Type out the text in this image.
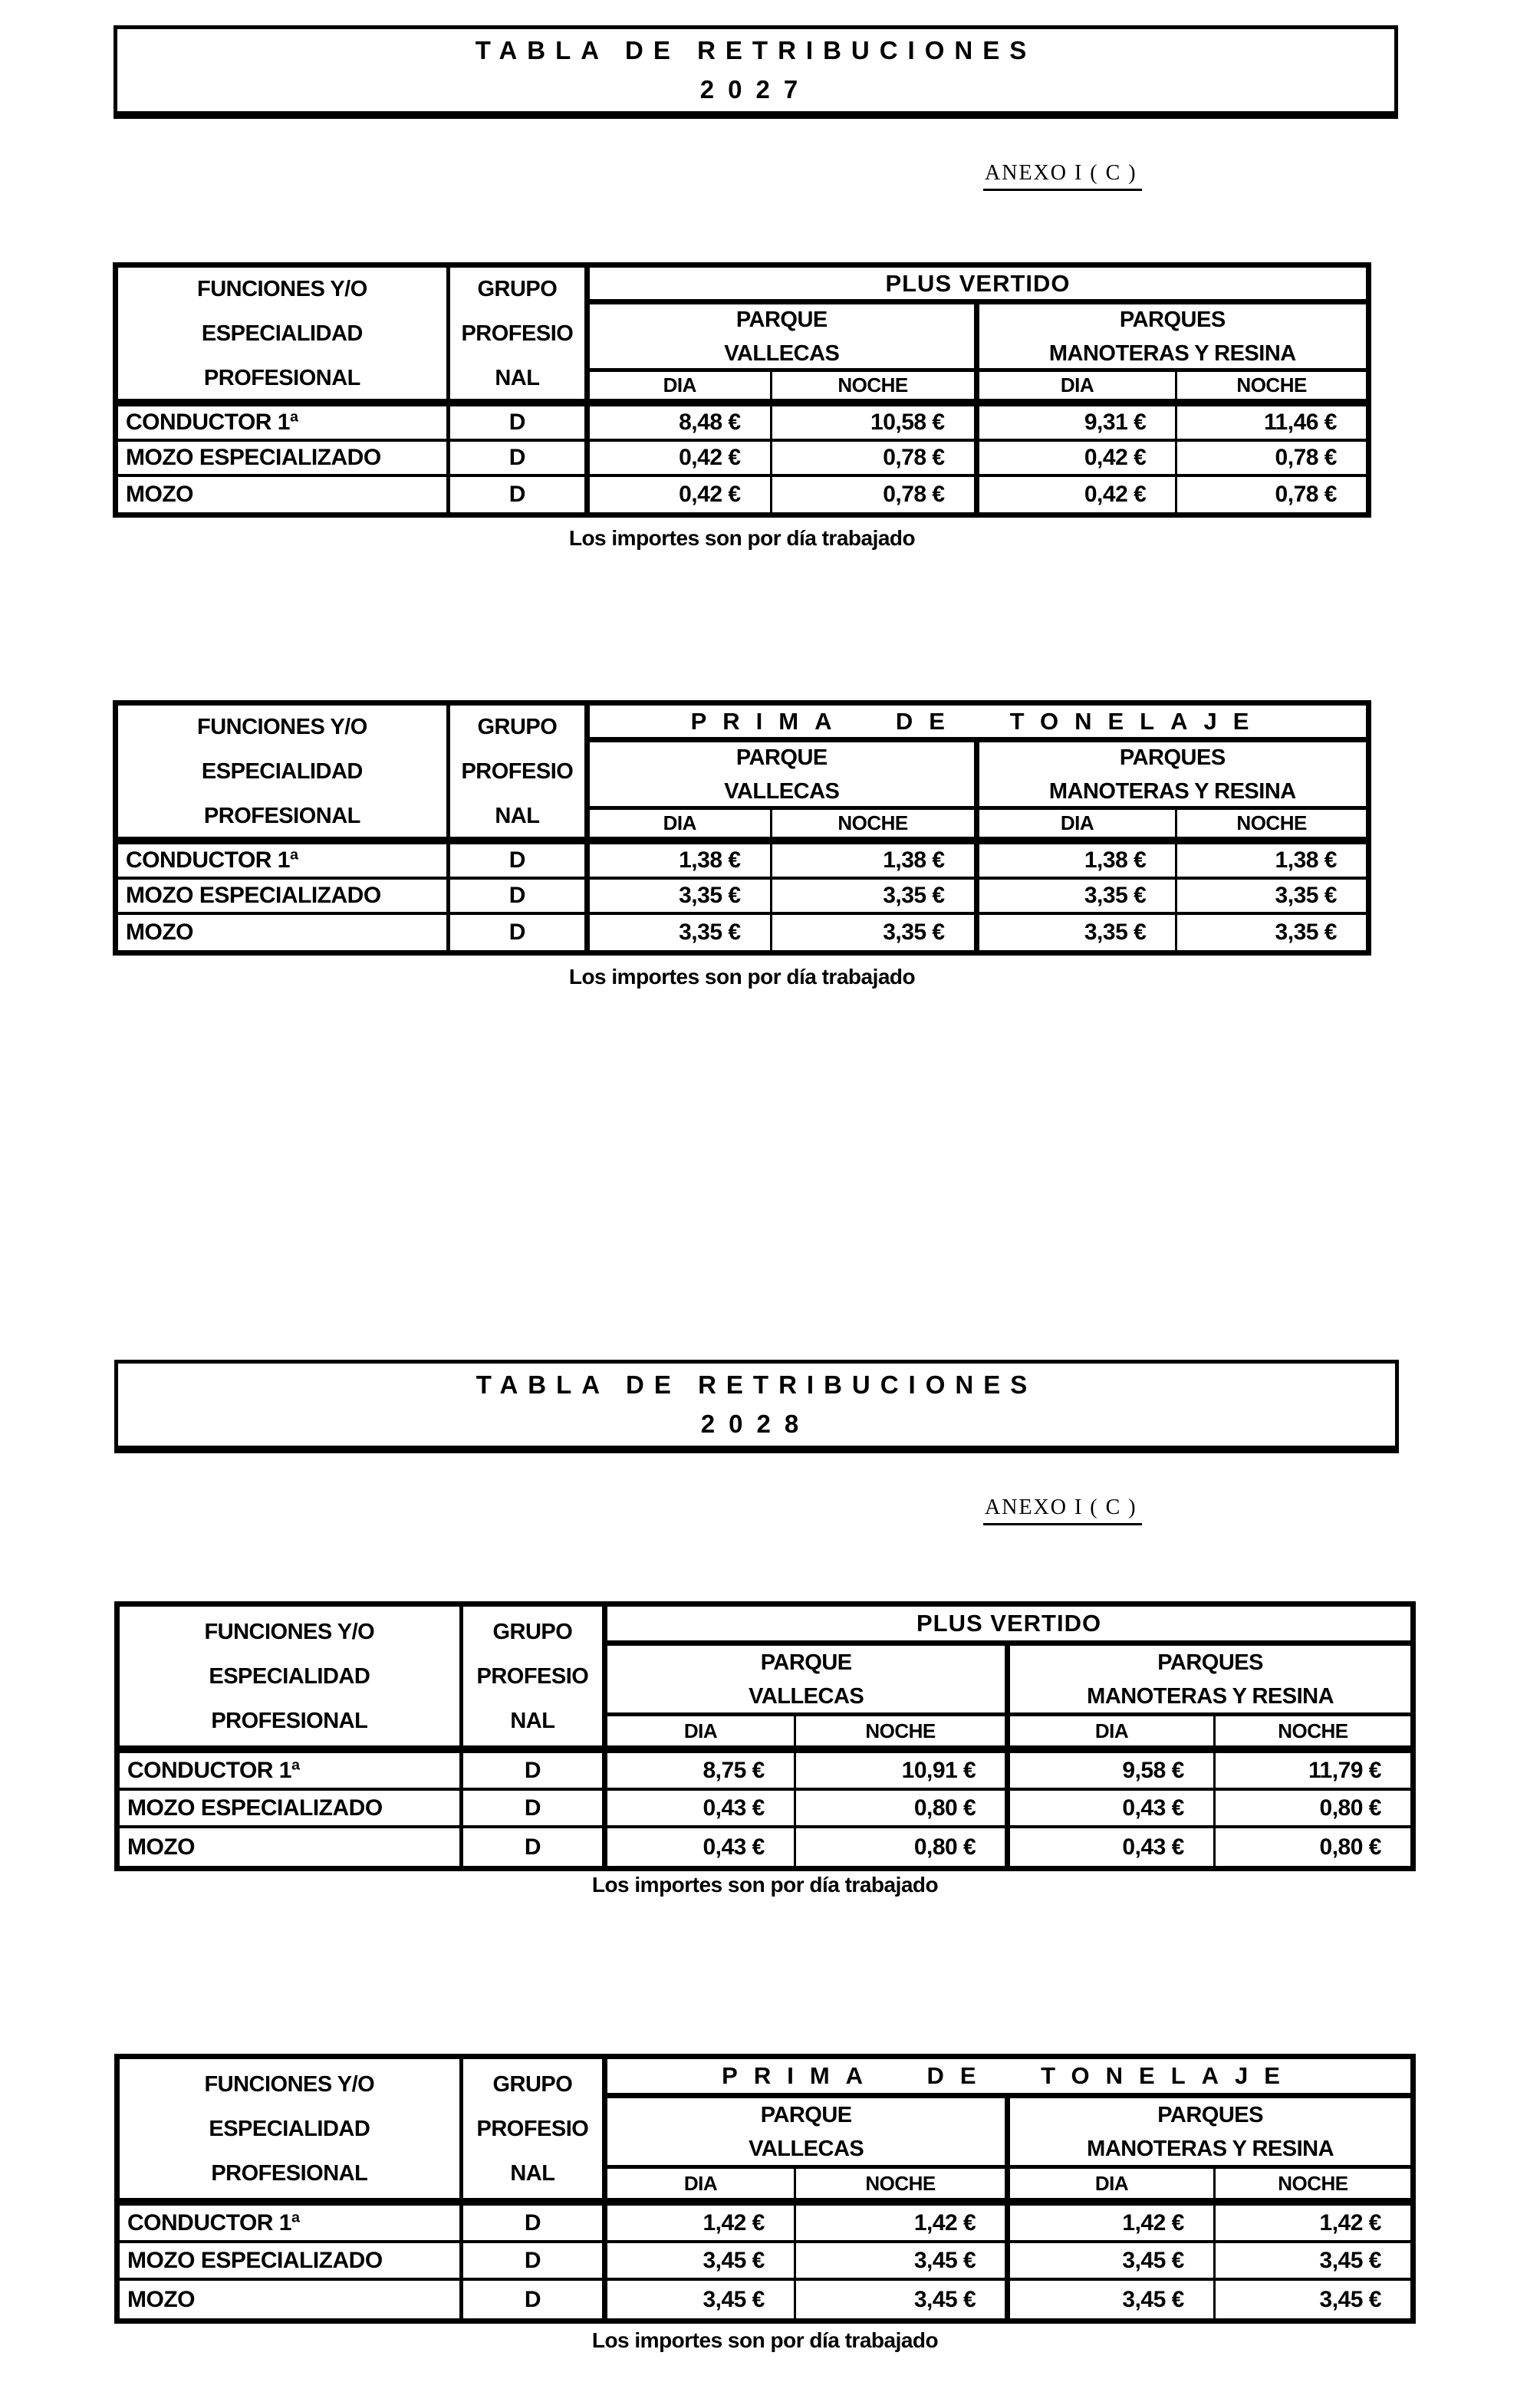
TABLA DE RETRIBUCIONES
2027
ANEXO I ( C )
FUNCIONES Y/O
ESPECIALIDAD
PROFESIONAL
GRUPO
PROFESIO
NAL
PLUS VERTIDO
PARQUE
VALLECAS
PARQUES
MANOTERAS Y RESINA
DIA	NOCHE	DIA	NOCHE
CONDUCTOR 1ª	D	8,48 €	10,58 €	9,31 €	11,46 €
MOZO ESPECIALIZADO	D	0,42 €	0,78 €	0,42 €	0,78 €
MOZO	D	0,42 €	0,78 €	0,42 €	0,78 €
Los importes son por día trabajado
FUNCIONES Y/O
ESPECIALIDAD
PROFESIONAL
GRUPO
PROFESIO
NAL
PRIMA DE TONELAJE
PARQUE
VALLECAS
PARQUES
MANOTERAS Y RESINA
DIA	NOCHE	DIA	NOCHE
CONDUCTOR 1ª	D	1,38 €	1,38 €	1,38 €	1,38 €
MOZO ESPECIALIZADO	D	3,35 €	3,35 €	3,35 €	3,35 €
MOZO	D	3,35 €	3,35 €	3,35 €	3,35 €
Los importes son por día trabajado
TABLA DE RETRIBUCIONES
2028
ANEXO I ( C )
FUNCIONES Y/O
ESPECIALIDAD
PROFESIONAL
GRUPO
PROFESIO
NAL
PLUS VERTIDO
PARQUE
VALLECAS
PARQUES
MANOTERAS Y RESINA
DIA	NOCHE	DIA	NOCHE
CONDUCTOR 1ª	D	8,75 €	10,91 €	9,58 €	11,79 €
MOZO ESPECIALIZADO	D	0,43 €	0,80 €	0,43 €	0,80 €
MOZO	D	0,43 €	0,80 €	0,43 €	0,80 €
Los importes son por día trabajado
FUNCIONES Y/O
ESPECIALIDAD
PROFESIONAL
GRUPO
PROFESIO
NAL
PRIMA DE TONELAJE
PARQUE
VALLECAS
PARQUES
MANOTERAS Y RESINA
DIA	NOCHE	DIA	NOCHE
CONDUCTOR 1ª	D	1,42 €	1,42 €	1,42 €	1,42 €
MOZO ESPECIALIZADO	D	3,45 €	3,45 €	3,45 €	3,45 €
MOZO	D	3,45 €	3,45 €	3,45 €	3,45 €
Los importes son por día trabajado
